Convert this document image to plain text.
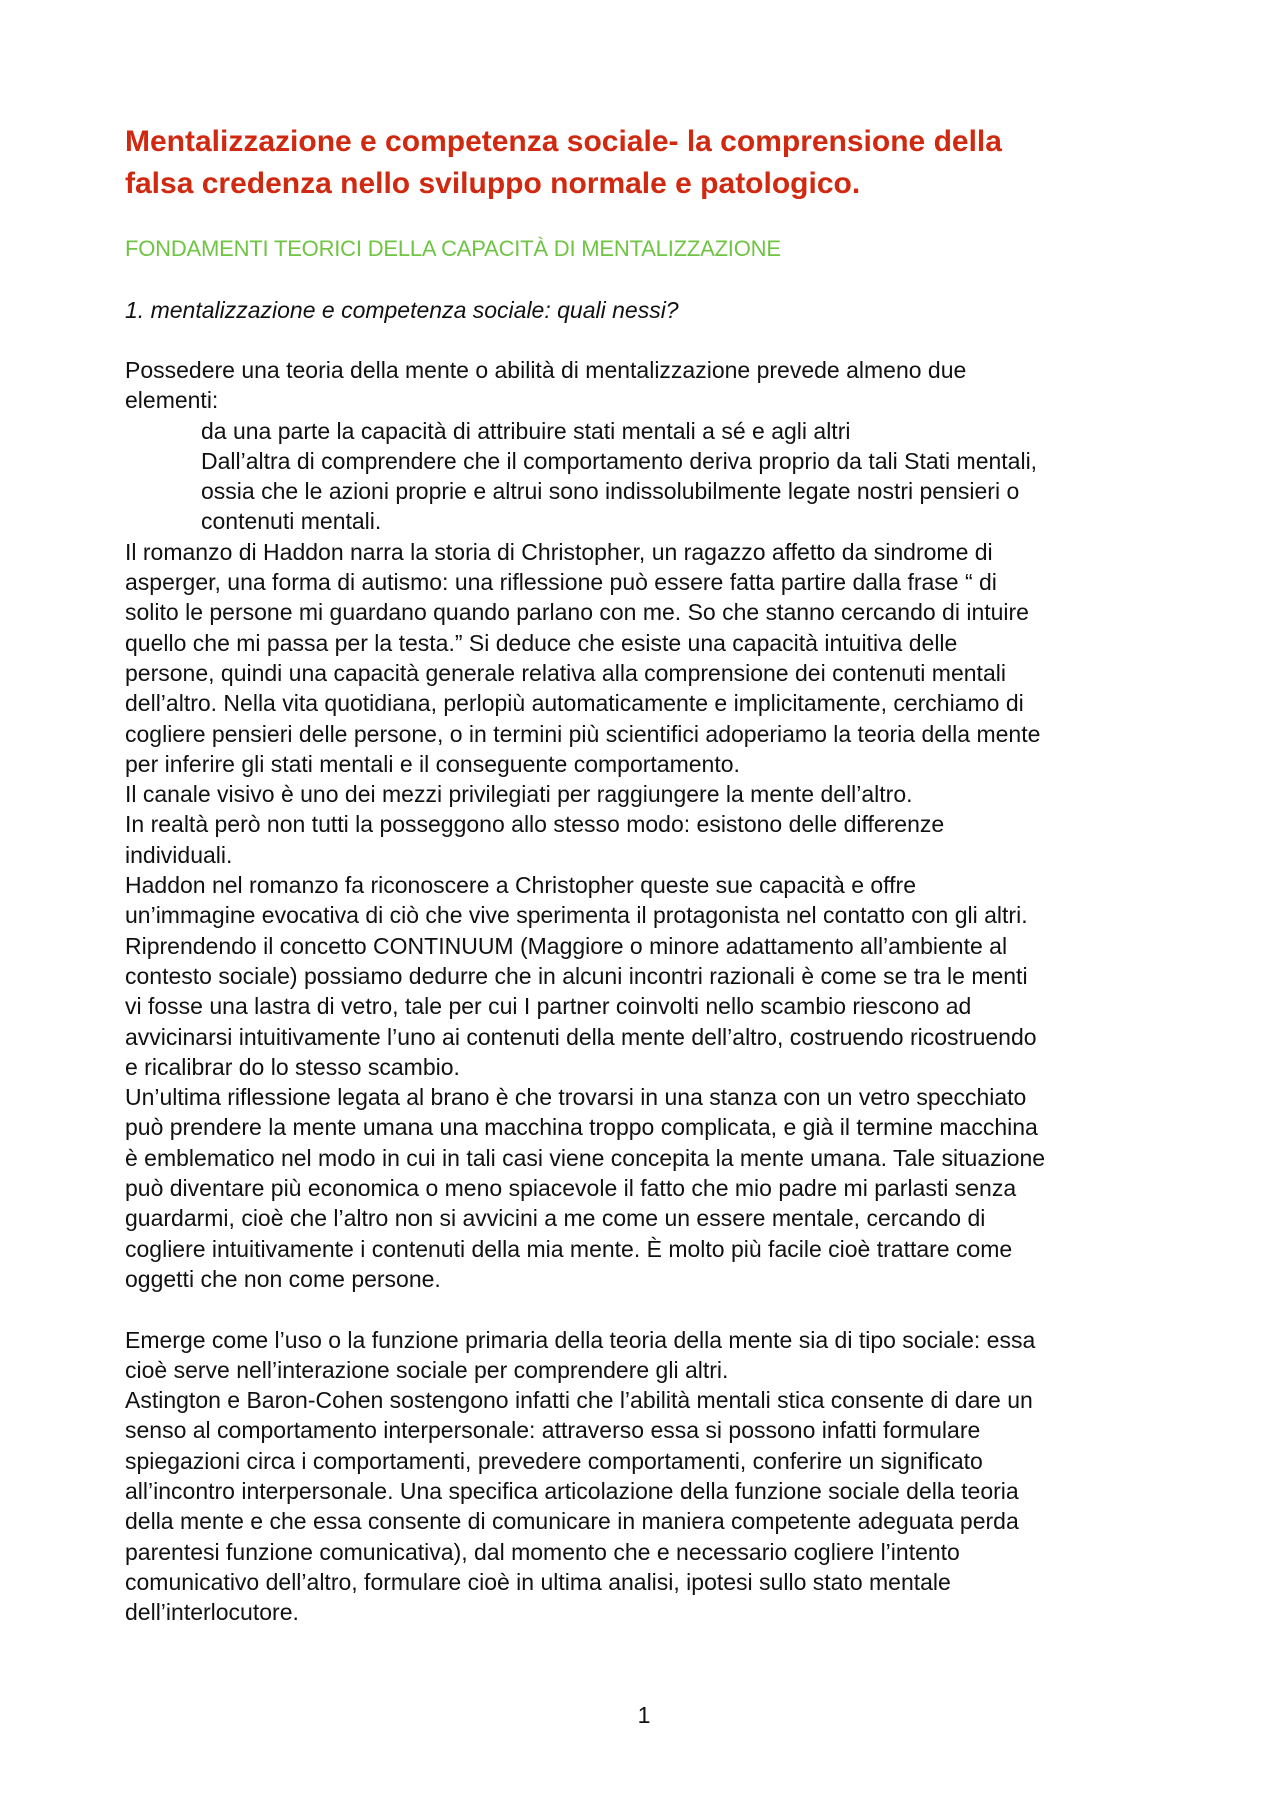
Mentalizzazione e competenza sociale- la comprensione della
falsa credenza nello sviluppo normale e patologico.
FONDAMENTI TEORICI DELLA CAPACITÀ DI MENTALIZZAZIONE
1. mentalizzazione e competenza sociale: quali nessi?
Possedere una teoria della mente o abilità di mentalizzazione prevede almeno due
elementi:
da una parte la capacità di attribuire stati mentali a sé e agli altri
Dall’altra di comprendere che il comportamento deriva proprio da tali Stati mentali,
ossia che le azioni proprie e altrui sono indissolubilmente legate nostri pensieri o
contenuti mentali.
Il romanzo di Haddon narra la storia di Christopher, un ragazzo affetto da sindrome di
asperger, una forma di autismo: una riflessione può essere fatta partire dalla frase “ di
solito le persone mi guardano quando parlano con me. So che stanno cercando di intuire
quello che mi passa per la testa.” Si deduce che esiste una capacità intuitiva delle
persone, quindi una capacità generale relativa alla comprensione dei contenuti mentali
dell’altro. Nella vita quotidiana, perlopiù automaticamente e implicitamente, cerchiamo di
cogliere pensieri delle persone, o in termini più scientifici adoperiamo la teoria della mente
per inferire gli stati mentali e il conseguente comportamento.
Il canale visivo è uno dei mezzi privilegiati per raggiungere la mente dell’altro.
In realtà però non tutti la posseggono allo stesso modo: esistono delle differenze
individuali.
Haddon nel romanzo fa riconoscere a Christopher queste sue capacità e offre
un’immagine evocativa di ciò che vive sperimenta il protagonista nel contatto con gli altri.
Riprendendo il concetto CONTINUUM (Maggiore o minore adattamento all’ambiente al
contesto sociale) possiamo dedurre che in alcuni incontri razionali è come se tra le menti
vi fosse una lastra di vetro, tale per cui I partner coinvolti nello scambio riescono ad
avvicinarsi intuitivamente l’uno ai contenuti della mente dell’altro, costruendo ricostruendo
e ricalibrar do lo stesso scambio.
Un’ultima riflessione legata al brano è che trovarsi in una stanza con un vetro specchiato
può prendere la mente umana una macchina troppo complicata, e già il termine macchina
è emblematico nel modo in cui in tali casi viene concepita la mente umana. Tale situazione
può diventare più economica o meno spiacevole il fatto che mio padre mi parlasti senza
guardarmi, cioè che l’altro non si avvicini a me come un essere mentale, cercando di
cogliere intuitivamente i contenuti della mia mente. È molto più facile cioè trattare come
oggetti che non come persone.
Emerge come l’uso o la funzione primaria della teoria della mente sia di tipo sociale: essa
cioè serve nell’interazione sociale per comprendere gli altri.
Astington e Baron-Cohen sostengono infatti che l’abilità mentali stica consente di dare un
senso al comportamento interpersonale: attraverso essa si possono infatti formulare
spiegazioni circa i comportamenti, prevedere comportamenti, conferire un significato
all’incontro interpersonale. Una specifica articolazione della funzione sociale della teoria
della mente e che essa consente di comunicare in maniera competente adeguata perda
parentesi funzione comunicativa), dal momento che e necessario cogliere l’intento
comunicativo dell’altro, formulare cioè in ultima analisi, ipotesi sullo stato mentale
dell’interlocutore.
1
